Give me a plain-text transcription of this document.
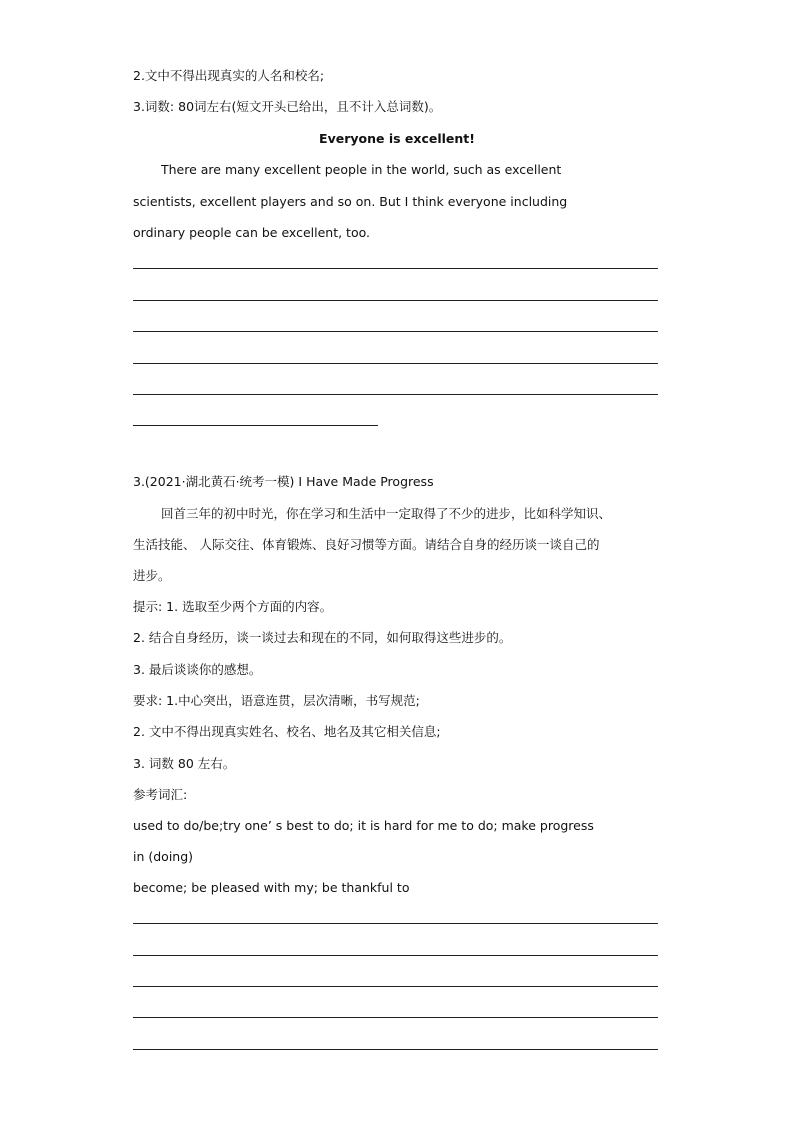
2.文中不得出现真实的人名和校名;
3.词数: 80词左右(短文开头已给出，且不计入总词数)。
Everyone is excellent!
There are many excellent people in the world, such as excellent
scientists, excellent players and so on. But I think everyone including
ordinary people can be excellent, too.
3.(2021·湖北黄石·统考一模) I Have Made Progress
回首三年的初中时光，你在学习和生活中一定取得了不少的进步，比如科学知识、
生活技能、 人际交往、体育锻炼、良好习惯等方面。请结合自身的经历谈一谈自己的
进步。
提示: 1. 选取至少两个方面的内容。
2. 结合自身经历，谈一谈过去和现在的不同，如何取得这些进步的。
3. 最后谈谈你的感想。
要求: 1.中心突出，语意连贯，层次清晰，书写规范;
2. 文中不得出现真实姓名、校名、地名及其它相关信息;
3. 词数 80 左右。
参考词汇:
used to do/be;try one’ s best to do; it is hard for me to do; make progress
in (doing)
become; be pleased with my; be thankful to
